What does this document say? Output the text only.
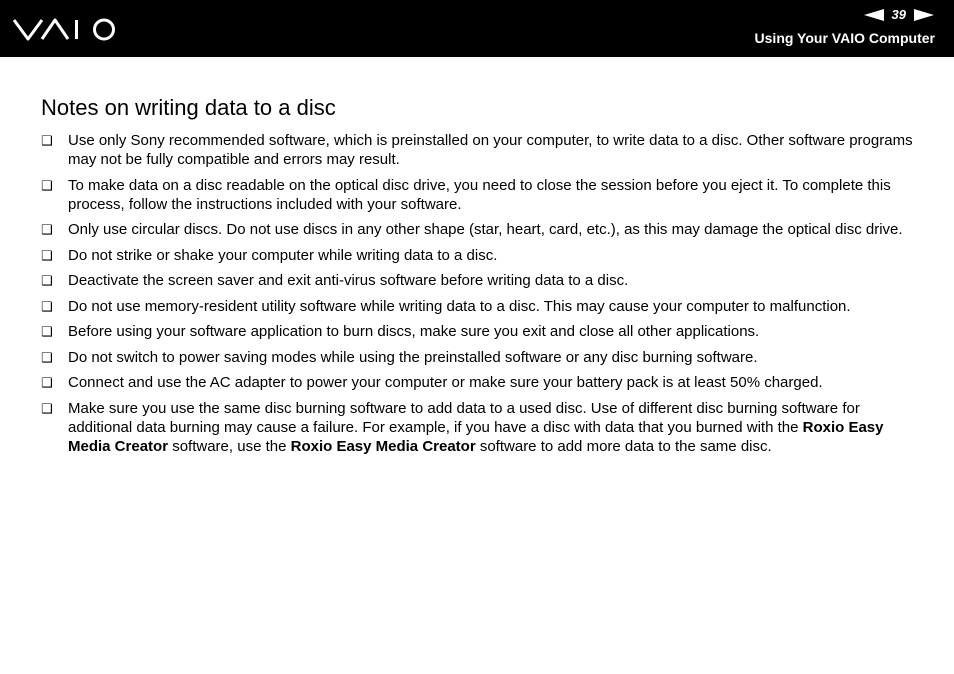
39
Using Your VAIO Computer
Notes on writing data to a disc
❑ Use only Sony recommended software, which is preinstalled on your computer, to write data to a disc. Other software programs may not be fully compatible and errors may result.
❑ To make data on a disc readable on the optical disc drive, you need to close the session before you eject it. To complete this process, follow the instructions included with your software.
❑ Only use circular discs. Do not use discs in any other shape (star, heart, card, etc.), as this may damage the optical disc drive.
❑ Do not strike or shake your computer while writing data to a disc.
❑ Deactivate the screen saver and exit anti-virus software before writing data to a disc.
❑ Do not use memory-resident utility software while writing data to a disc. This may cause your computer to malfunction.
❑ Before using your software application to burn discs, make sure you exit and close all other applications.
❑ Do not switch to power saving modes while using the preinstalled software or any disc burning software.
❑ Connect and use the AC adapter to power your computer or make sure your battery pack is at least 50% charged.
❑ Make sure you use the same disc burning software to add data to a used disc. Use of different disc burning software for additional data burning may cause a failure. For example, if you have a disc with data that you burned with the Roxio Easy Media Creator software, use the Roxio Easy Media Creator software to add more data to the same disc.
